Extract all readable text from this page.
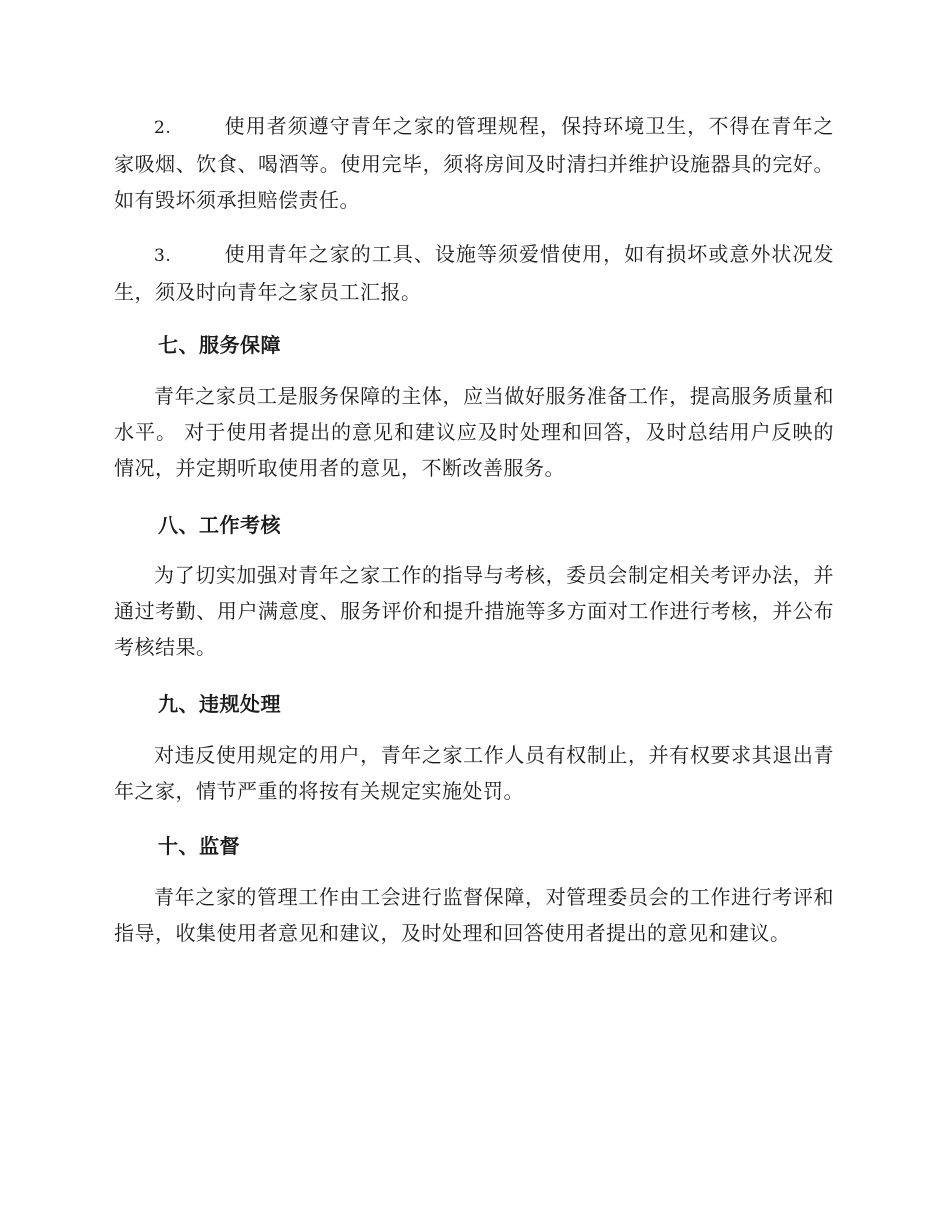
2.	使用者须遵守青年之家的管理规程，保持环境卫生，不得在青年之家吸烟、饮食、喝酒等。使用完毕，须将房间及时清扫并维护设施器具的完好。如有毁坏须承担赔偿责任。

3.	使用青年之家的工具、设施等须爱惜使用，如有损坏或意外状况发生，须及时向青年之家员工汇报。

七、服务保障

青年之家员工是服务保障的主体，应当做好服务准备工作，提高服务质量和水平。 对于使用者提出的意见和建议应及时处理和回答，及时总结用户反映的情况，并定期听取使用者的意见，不断改善服务。

八、工作考核

为了切实加强对青年之家工作的指导与考核，委员会制定相关考评办法，并通过考勤、用户满意度、服务评价和提升措施等多方面对工作进行考核，并公布考核结果。

九、违规处理

对违反使用规定的用户，青年之家工作人员有权制止，并有权要求其退出青年之家，情节严重的将按有关规定实施处罚。

十、监督

青年之家的管理工作由工会进行监督保障，对管理委员会的工作进行考评和指导，收集使用者意见和建议，及时处理和回答使用者提出的意见和建议。
